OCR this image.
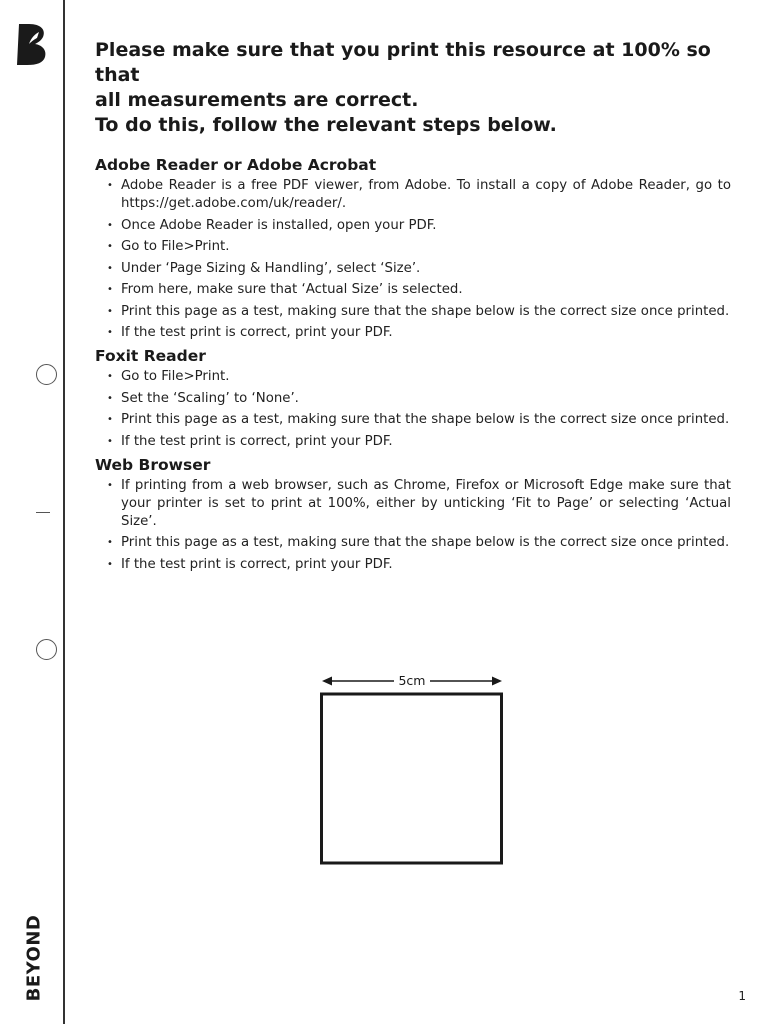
BEYOND
Please make sure that you print this resource at 100% so that
all measurements are correct.
To do this, follow the relevant steps below.
Adobe Reader or Adobe Acrobat
• Adobe Reader is a free PDF viewer, from Adobe. To install a copy of Adobe Reader, go to https://get.adobe.com/uk/reader/.
• Once Adobe Reader is installed, open your PDF.
• Go to File>Print.
• Under ‘Page Sizing & Handling’, select ‘Size’.
• From here, make sure that ‘Actual Size’ is selected.
• Print this page as a test, making sure that the shape below is the correct size once printed.
• If the test print is correct, print your PDF.
Foxit Reader
• Go to File>Print.
• Set the ‘Scaling’ to ‘None’.
• Print this page as a test, making sure that the shape below is the correct size once printed.
• If the test print is correct, print your PDF.
Web Browser
• If printing from a web browser, such as Chrome, Firefox or Microsoft Edge make sure that your printer is set to print at 100%, either by unticking ‘Fit to Page’ or selecting ‘Actual Size’.
• Print this page as a test, making sure that the shape below is the correct size once printed.
• If the test print is correct, print your PDF.
5cm
1
